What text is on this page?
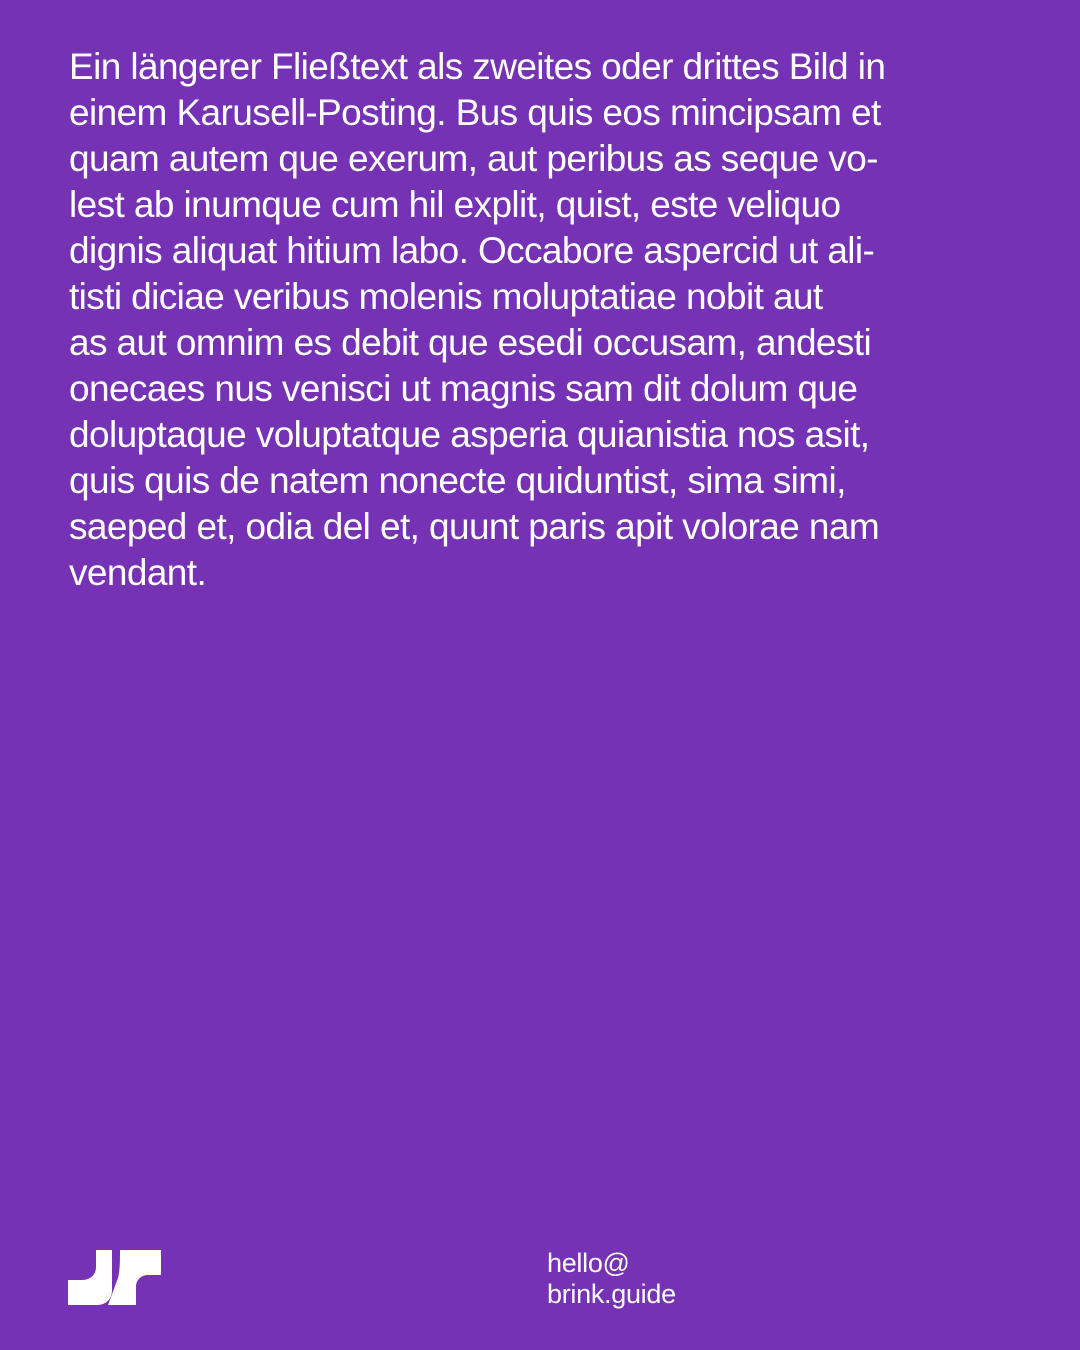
Ein längerer Fließtext als zweites oder drittes Bild in
einem Karusell-Posting. Bus quis eos mincipsam et
quam autem que exerum, aut peribus as seque vo-
lest ab inumque cum hil explit, quist, este veliquo
dignis aliquat hitium labo. Occabore aspercid ut ali-
tisti diciae veribus molenis moluptatiae nobit aut
as aut omnim es debit que esedi occusam, andesti
onecaes nus venisci ut magnis sam dit dolum que
doluptaque voluptatque asperia quianistia nos asit,
quis quis de natem nonecte quiduntist, sima simi,
saeped et, odia del et, quunt paris apit volorae nam
vendant.

hello@
brink.guide
